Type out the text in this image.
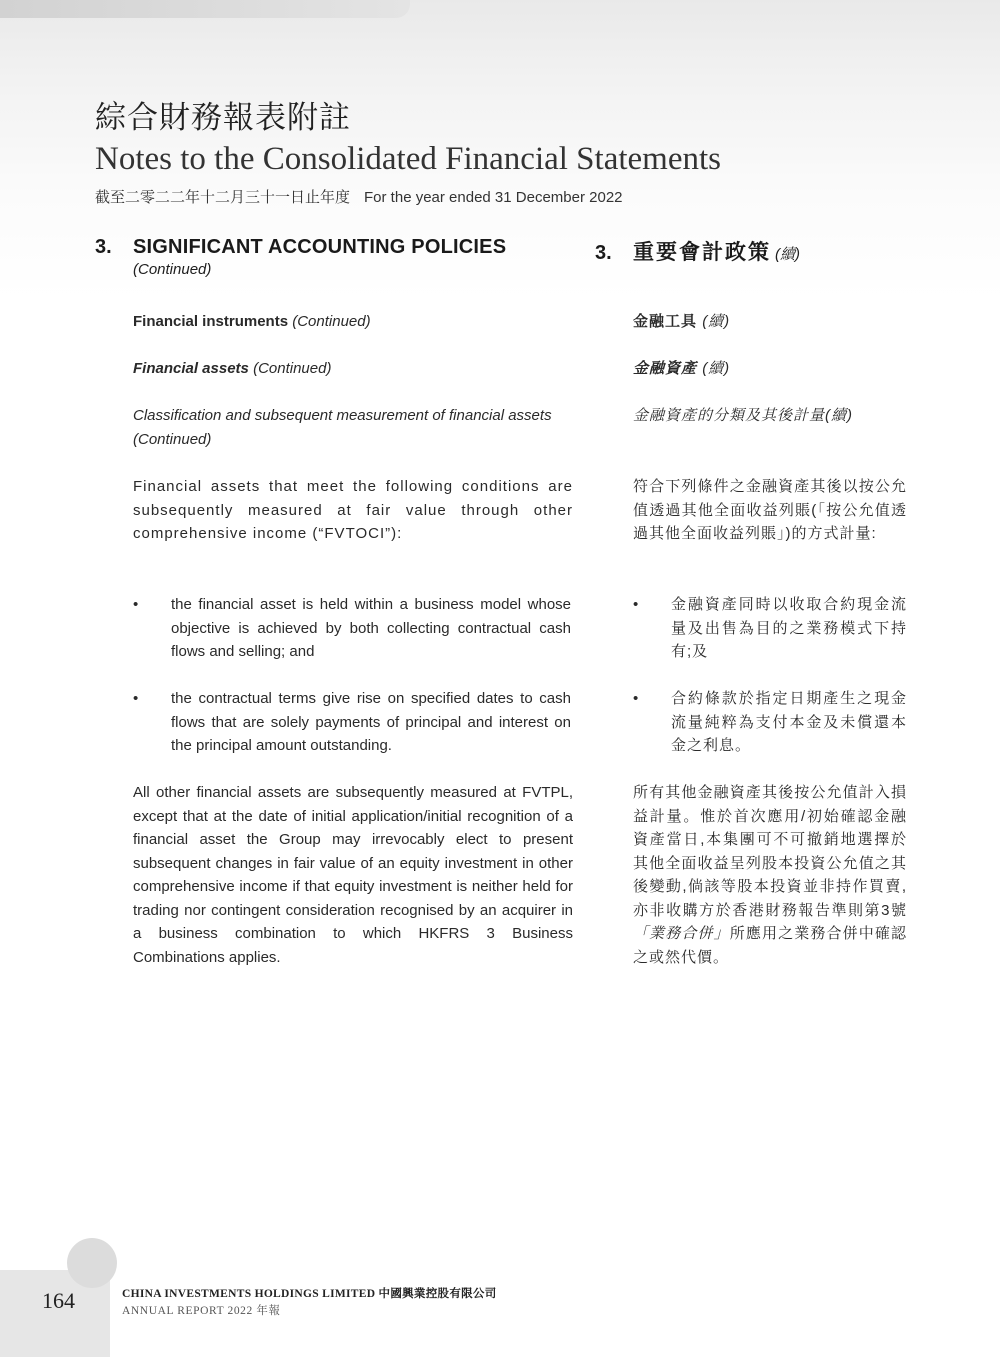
綜合財務報表附註
Notes to the Consolidated Financial Statements
截至二零二二年十二月三十一日止年度 For the year ended 31 December 2022
3.	SIGNIFICANT ACCOUNTING POLICIES
(Continued)
Financial instruments (Continued)
Financial assets (Continued)
Classification and subsequent measurement of financial assets
(Continued)
Financial assets that meet the following conditions are subsequently measured at fair value through other comprehensive income (“FVTOCI”):
•	the financial asset is held within a business model whose objective is achieved by both collecting contractual cash flows and selling; and
•	the contractual terms give rise on specified dates to cash flows that are solely payments of principal and interest on the principal amount outstanding.
All other financial assets are subsequently measured at FVTPL, except that at the date of initial application/initial recognition of a financial asset the Group may irrevocably elect to present subsequent changes in fair value of an equity investment in other comprehensive income if that equity investment is neither held for trading nor contingent consideration recognised by an acquirer in a business combination to which HKFRS 3 Business Combinations applies.
3.	重要會計政策 (續)
金融工具 (續)
金融資產 (續)
金融資產的分類及其後計量(續)
符合下列條件之金融資產其後以按公允值透過其他全面收益列賬(「按公允值透過其他全面收益列賬」)的方式計量:
•	金融資產同時以收取合約現金流量及出售為目的之業務模式下持有;及
•	合約條款於指定日期產生之現金流量純粹為支付本金及未償還本金之利息。
所有其他金融資產其後按公允值計入損益計量。惟於首次應用/初始確認金融資產當日,本集團可不可撤銷地選擇於其他全面收益呈列股本投資公允值之其後變動,倘該等股本投資並非持作買賣,亦非收購方於香港財務報告準則第3號「業務合併」所應用之業務合併中確認之或然代價。
164	CHINA INVESTMENTS HOLDINGS LIMITED 中國興業控股有限公司
ANNUAL REPORT 2022 年報
